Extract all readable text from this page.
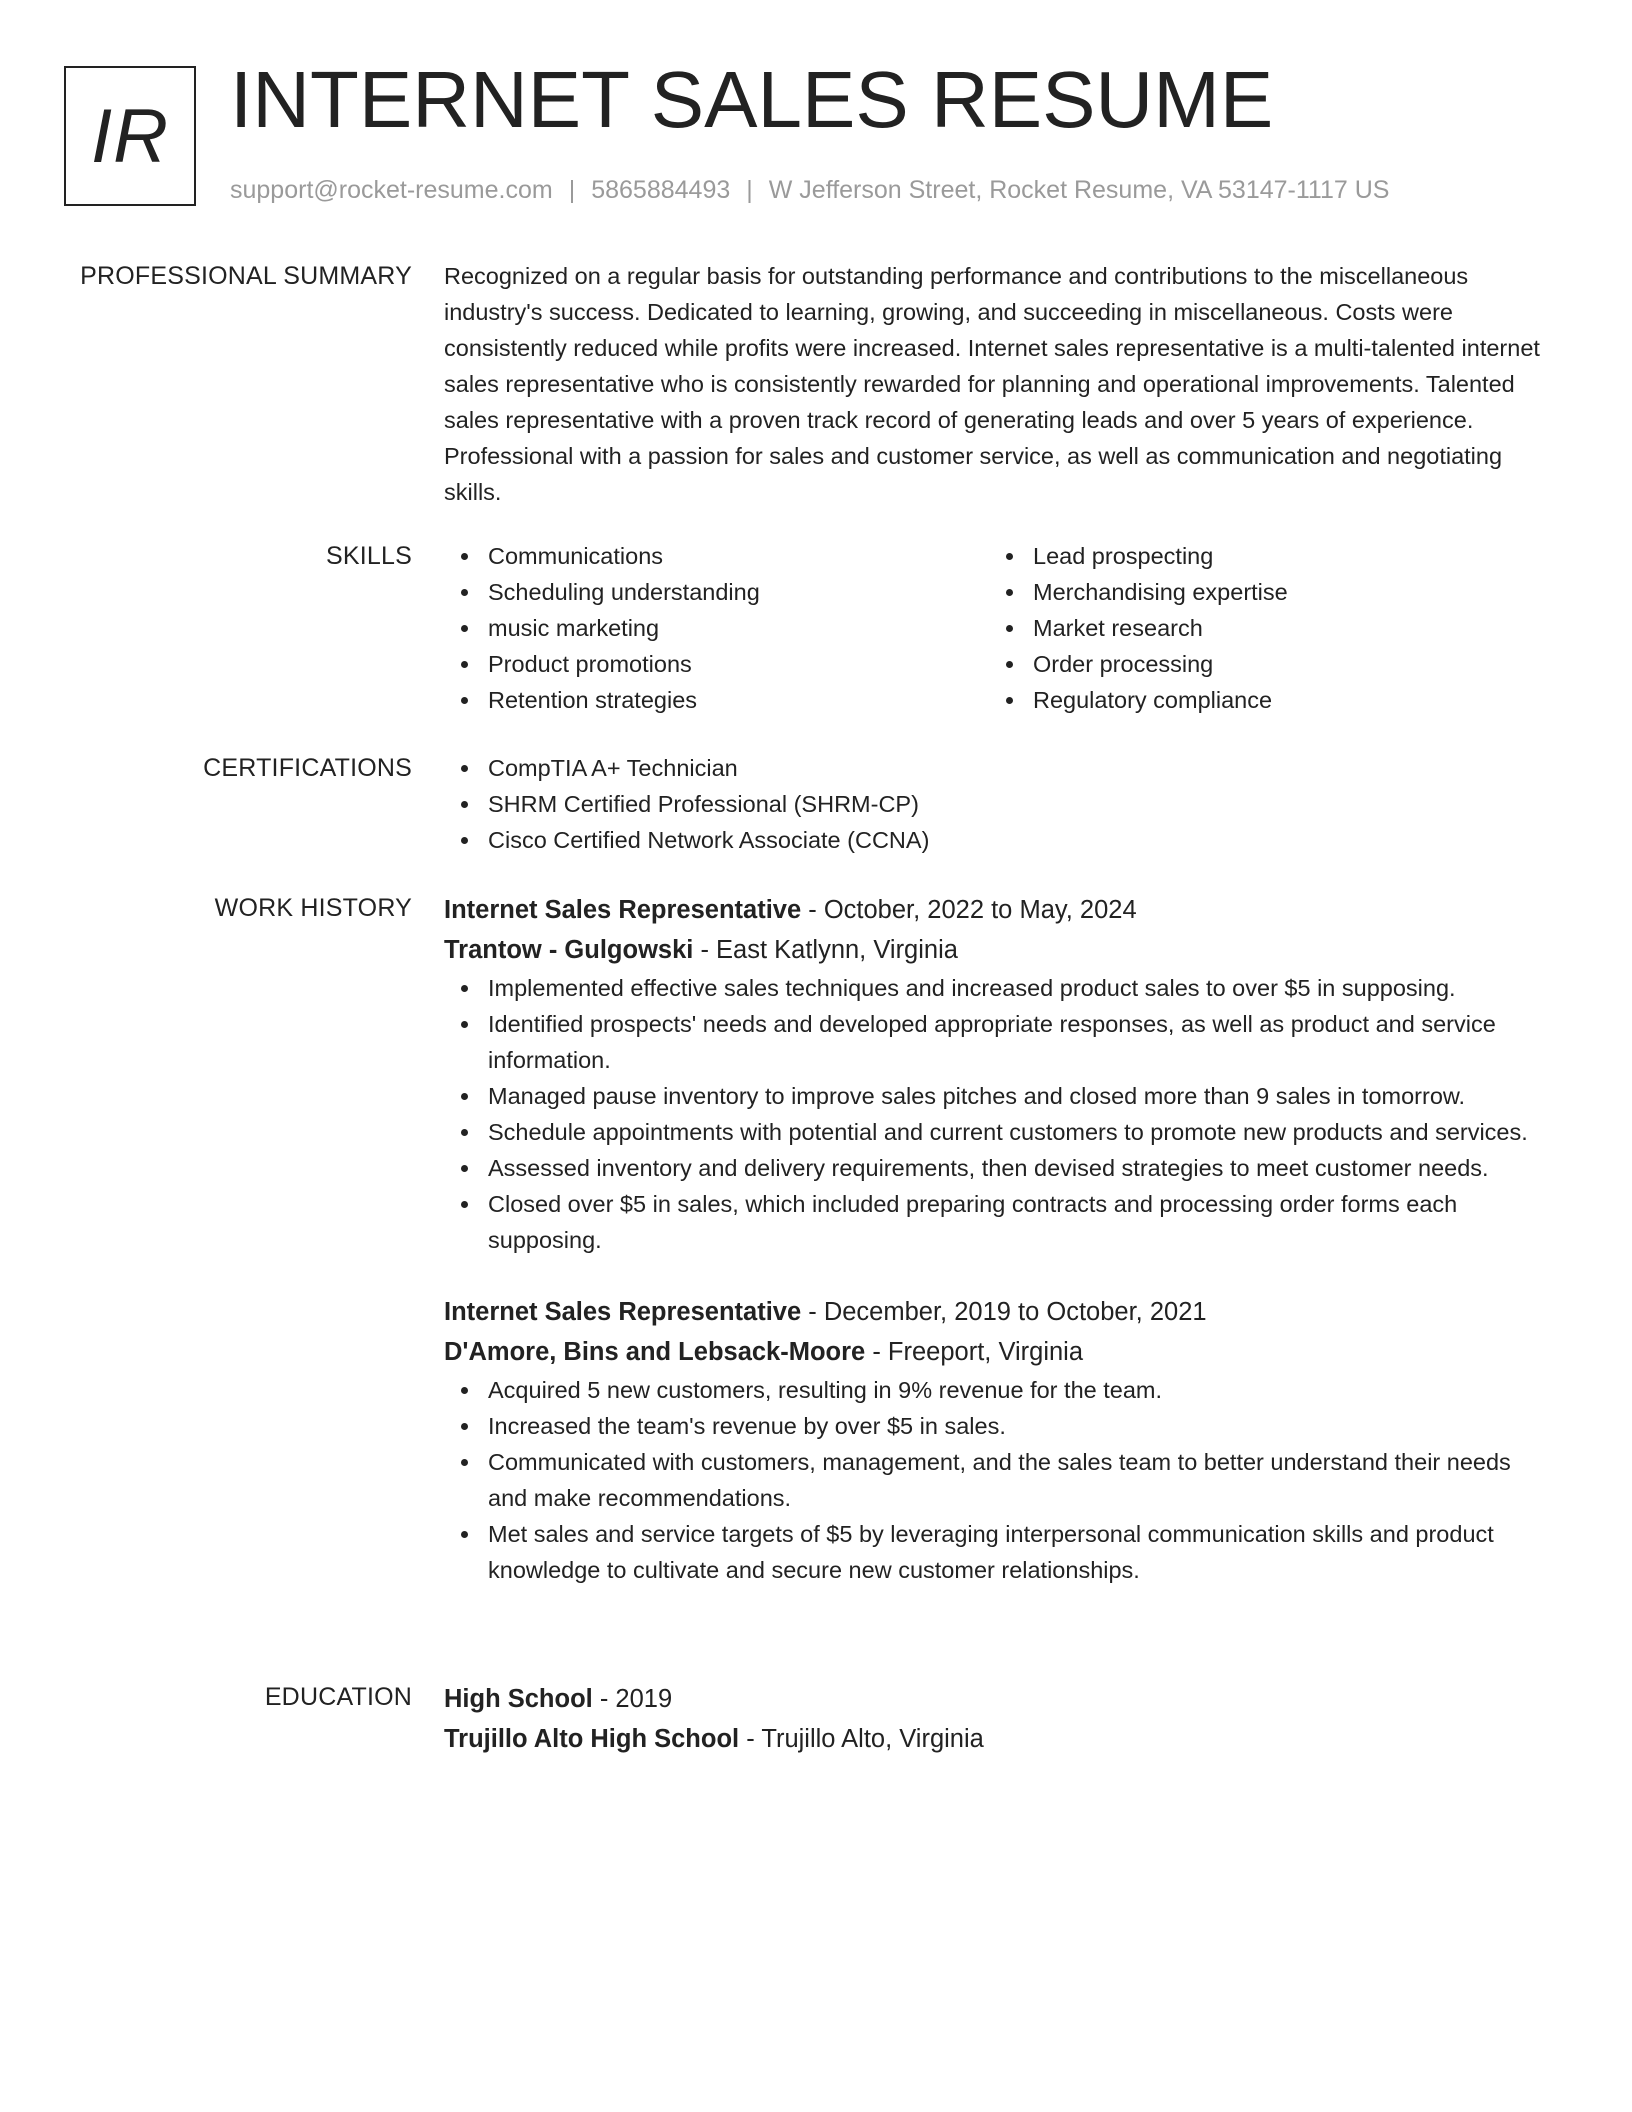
IR INTERNET SALES RESUME
support@rocket-resume.com | 5865884493 | W Jefferson Street, Rocket Resume, VA 53147-1117 US
PROFESSIONAL SUMMARY Recognized on a regular basis for outstanding performance and contributions to the miscellaneous industry's success. Dedicated to learning, growing, and succeeding in miscellaneous. Costs were consistently reduced while profits were increased. Internet sales representative is a multi-talented internet sales representative who is consistently rewarded for planning and operational improvements. Talented sales representative with a proven track record of generating leads and over 5 years of experience. Professional with a passion for sales and customer service, as well as communication and negotiating skills.

SKILLS	Communications
Scheduling understanding
music marketing
Product promotions
Retention strategies
Lead prospecting
Merchandising expertise
Market research
Order processing
Regulatory compliance
CERTIFICATIONS	CompTIA A+ Technician
SHRM Certified Professional (SHRM-CP)
Cisco Certified Network Associate (CCNA)
WORK HISTORY Internet Sales Representative - October, 2022 to May, 2024
Trantow - Gulgowski - East Katlynn, Virginia
Implemented effective sales techniques and increased product sales to over $5 in supposing.
Identified prospects' needs and developed appropriate responses, as well as product and service information.
Managed pause inventory to improve sales pitches and closed more than 9 sales in tomorrow.
Schedule appointments with potential and current customers to promote new products and services.
Assessed inventory and delivery requirements, then devised strategies to meet customer needs.
Closed over $5 in sales, which included preparing contracts and processing order forms each supposing.
Internet Sales Representative - December, 2019 to October, 2021
D'Amore, Bins and Lebsack-Moore - Freeport, Virginia
Acquired 5 new customers, resulting in 9% revenue for the team.
Increased the team's revenue by over $5 in sales.
Communicated with customers, management, and the sales team to better understand their needs and make recommendations.
Met sales and service targets of $5 by leveraging interpersonal communication skills and product knowledge to cultivate and secure new customer relationships.
EDUCATION High School - 2019
Trujillo Alto High School - Trujillo Alto, Virginia
